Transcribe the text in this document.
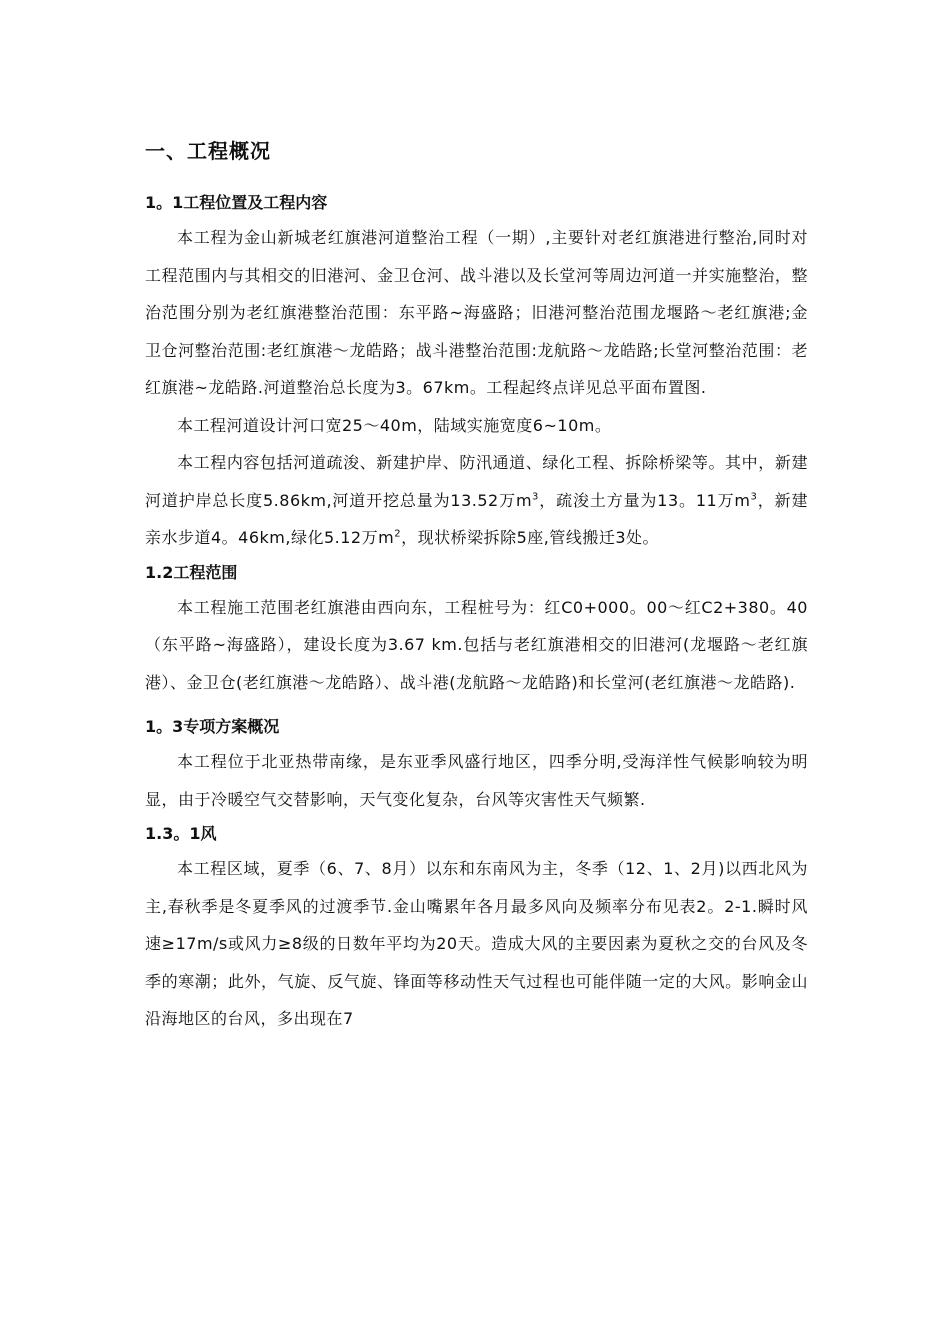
一、工程概况
1。1工程位置及工程内容

本工程为金山新城老红旗港河道整治工程（一期）,主要针对老红旗港进行整治,同时对工程范围内与其相交的旧港河、金卫仓河、战斗港以及长堂河等周边河道一并实施整治，整治范围分别为老红旗港整治范围：东平路~海盛路；旧港河整治范围龙堰路～老红旗港;金卫仓河整治范围:老红旗港～龙皓路；战斗港整治范围:龙航路～龙皓路;长堂河整治范围：老红旗港~龙皓路.河道整治总长度为3。67km。工程起终点详见总平面布置图.

本工程河道设计河口宽25～40m，陆域实施宽度6~10m。

本工程内容包括河道疏浚、新建护岸、防汛通道、绿化工程、拆除桥梁等。其中，新建河道护岸总长度5.86km,河道开挖总量为13.52万$m^3$，疏浚土方量为13。11万$m^3$，新建亲水步道4。46km,绿化5.12万$m^2$，现状桥梁拆除5座,管线搬迁3处。

1.2工程范围

本工程施工范围老红旗港由西向东，工程桩号为：红C0+000。00～红C2+380。40（东平路~海盛路），建设长度为3.67 km.包括与老红旗港相交的旧港河(龙堰路～老红旗港）、金卫仓(老红旗港～龙皓路）、战斗港(龙航路～龙皓路)和长堂河(老红旗港～龙皓路).

1。3专项方案概况

本工程位于北亚热带南缘，是东亚季风盛行地区，四季分明,受海洋性气候影响较为明显，由于冷暖空气交替影响，天气变化复杂，台风等灾害性天气频繁.

1.3。1风

本工程区域，夏季（6、7、8月）以东和东南风为主，冬季（12、1、2月)以西北风为主,春秋季是冬夏季风的过渡季节.金山嘴累年各月最多风向及频率分布见表2。2-1.瞬时风速≥17m/s或风力≥8级的日数年平均为20天。造成大风的主要因素为夏秋之交的台风及冬季的寒潮；此外，气旋、反气旋、锋面等移动性天气过程也可能伴随一定的大风。影响金山沿海地区的台风，多出现在7
